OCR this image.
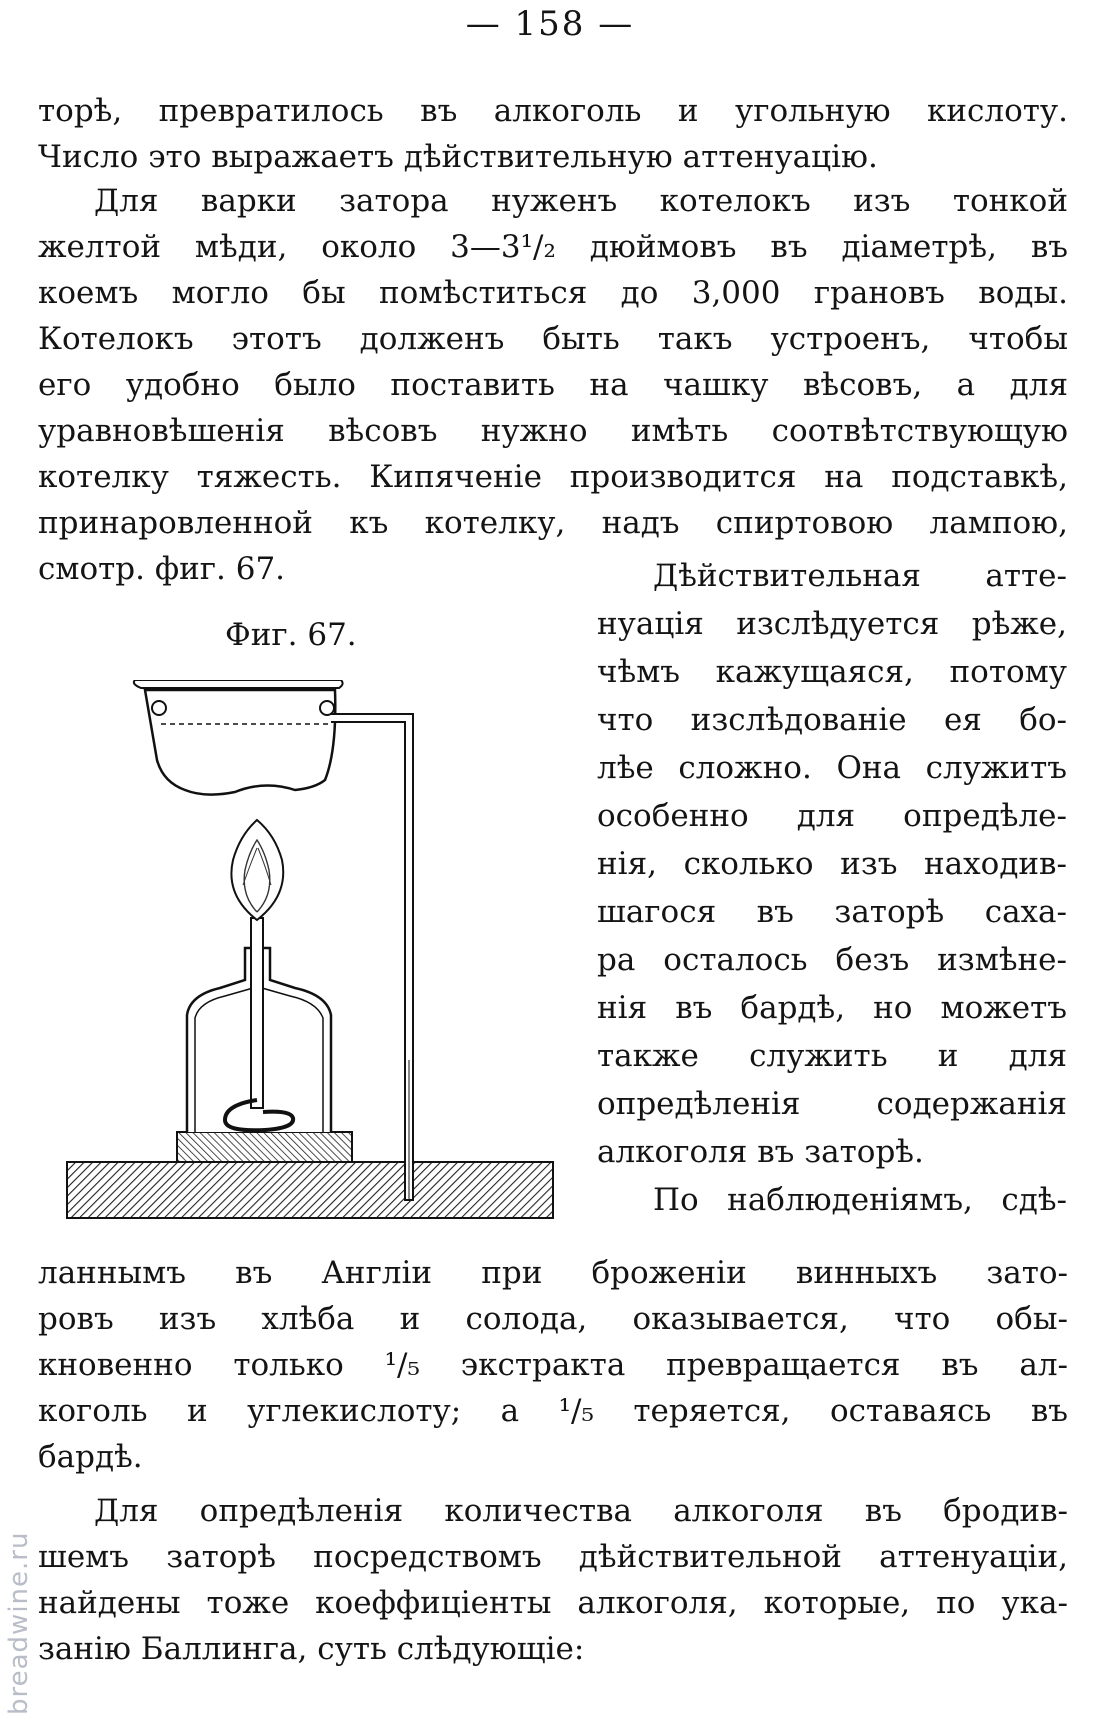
— 158 —
торѣ, превратилось въ алкоголь и угольную кислоту.
Число это выражаетъ дѣйствительную аттенуацію.
Для варки затора нуженъ котелокъ изъ тонкой
желтой мѣди, около 3—3¹/₂ дюймовъ въ діаметрѣ, въ
коемъ могло бы помѣститься до 3,000 грановъ воды.
Котелокъ этотъ долженъ быть такъ устроенъ, чтобы
его удобно было поставить на чашку вѣсовъ, а для
уравновѣшенія вѣсовъ нужно имѣть соотвѣтствующую
котелку тяжесть. Кипяченіе производится на подставкѣ,
принаровленной къ котелку, надъ спиртовою лампою,
смотр. фиг. 67.
Фиг. 67.
Дѣйствительная атте-
нуація изслѣдуется рѣже,
чѣмъ кажущаяся, потому
что изслѣдованіе ея бо-
лѣе сложно. Она служитъ
особенно для опредѣле-
нія, сколько изъ находив-
шагося въ заторѣ саха-
ра осталось безъ измѣне-
нія въ бардѣ, но можетъ
также служить и для
опредѣленія содержанія
алкоголя въ заторѣ.
По наблюденіямъ, сдѣ-
ланнымъ въ Англіи при броженіи винныхъ зато-
ровъ изъ хлѣба и солода, оказывается, что обы-
кновенно только ¹/₅ экстракта превращается въ ал-
коголь и углекислоту; а ¹/₅ теряется, оставаясь въ
бардѣ.
Для опредѣленія количества алкоголя въ бродив-
шемъ заторѣ посредствомъ дѣйствительной аттенуаціи,
найдены тоже коеффиціенты алкоголя, которые, по ука-
занію Баллинга, суть слѣдующіе:
breadwine.ru
